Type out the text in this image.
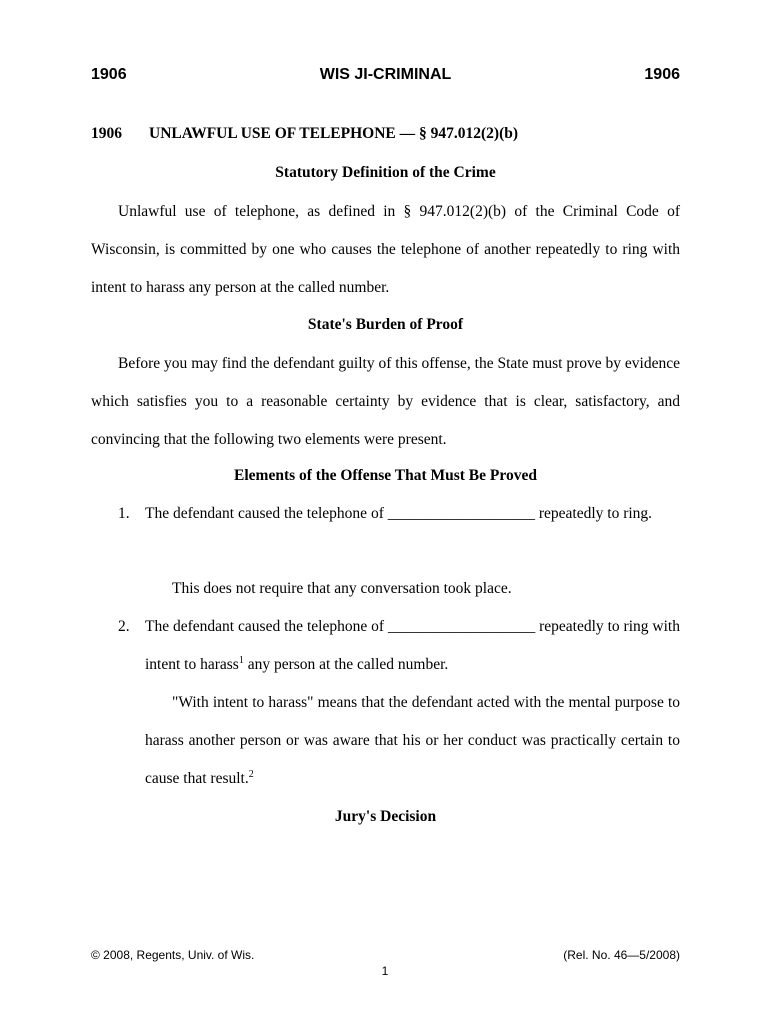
WIS JI-CRIMINAL
1906	1906
1906 UNLAWFUL USE OF TELEPHONE — § 947.012(2)(b)
Statutory Definition of the Crime

Unlawful use of telephone, as defined in § 947.012(2)(b) of the Criminal Code of Wisconsin, is committed by one who causes the telephone of another repeatedly to ring with intent to harass any person at the called number.

State's Burden of Proof

Before you may find the defendant guilty of this offense, the State must prove by evidence which satisfies you to a reasonable certainty by evidence that is clear, satisfactory, and convincing that the following two elements were present.

Elements of the Offense That Must Be Proved
1. The defendant caused the telephone of ___________________ repeatedly to ring.

This does not require that any conversation took place.

2. The defendant caused the telephone of ___________________ repeatedly to ring with intent to harass$^1$ any person at the called number.

"With intent to harass" means that the defendant acted with the mental purpose to harass another person or was aware that his or her conduct was practically certain to cause that result.$^2$

Jury's Decision
© 2008, Regents, Univ. of Wis.	(Rel. No. 46—5/2008)
1
